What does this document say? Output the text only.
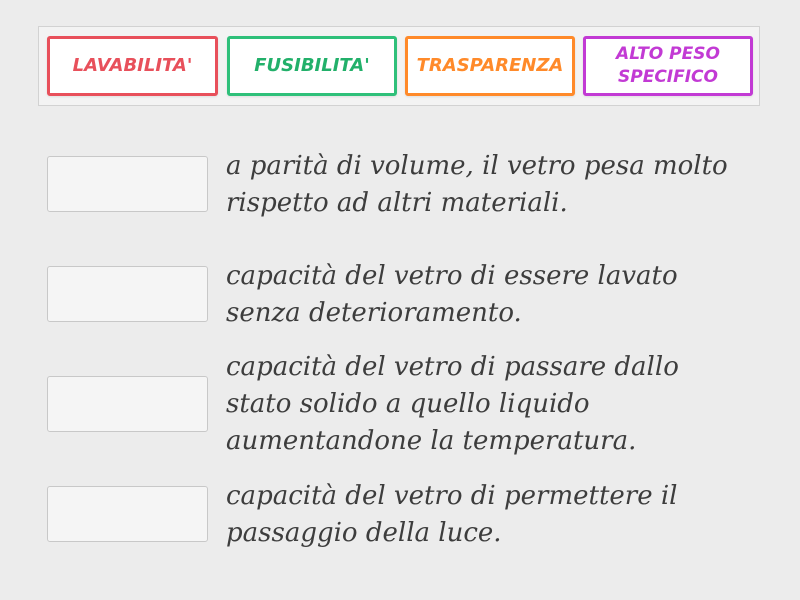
LAVABILITA'	FUSIBILITA'	TRASPARENZA
ALTO PESO SPECIFICO

a parità di volume, il vetro pesa molto rispetto ad altri materiali.

capacità del vetro di essere lavato senza deterioramento.

capacità del vetro di passare dallo stato solido a quello liquido aumentandone la temperatura.

capacità del vetro di permettere il passaggio della luce.
